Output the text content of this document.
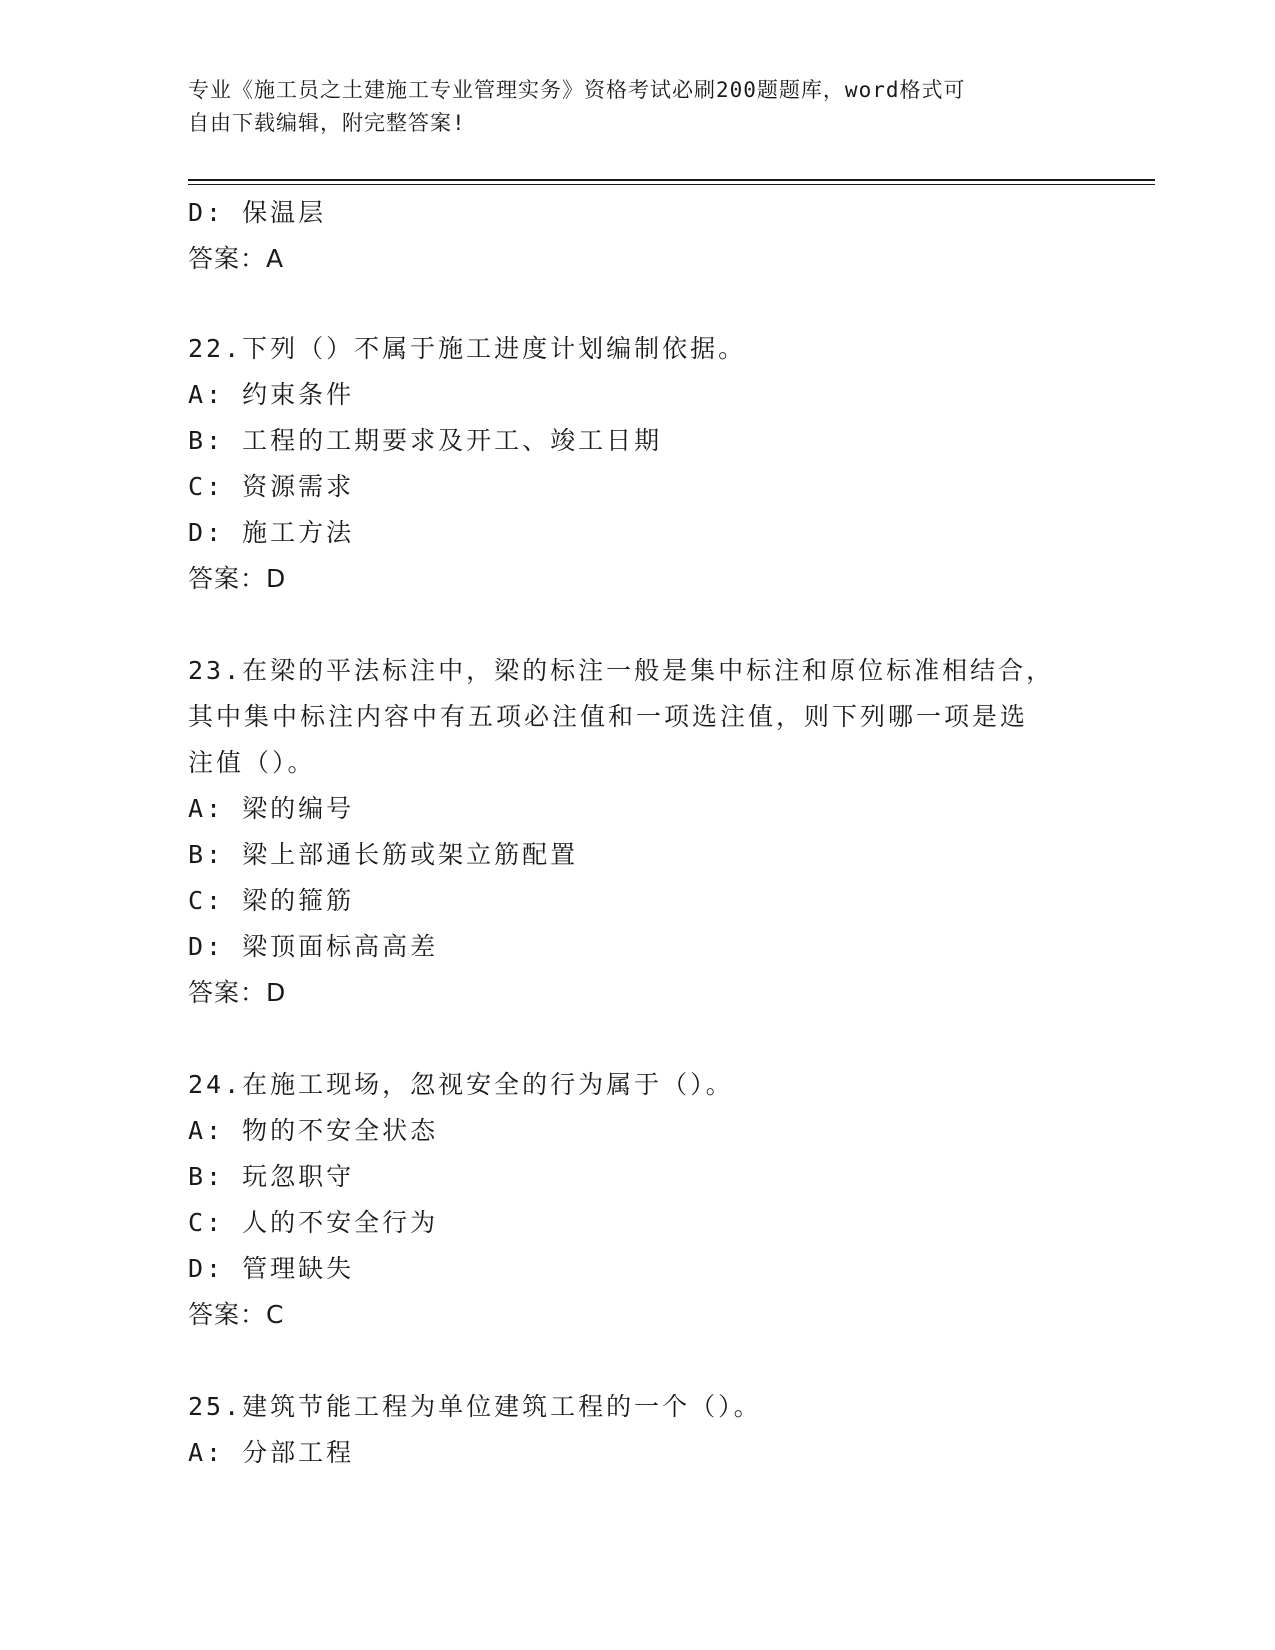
专业《施工员之土建施工专业管理实务》资格考试必刷200题题库，word格式可
自由下载编辑，附完整答案!
D: 保温层
答案：A
22.下列（）不属于施工进度计划编制依据。
A: 约束条件
B: 工程的工期要求及开工、竣工日期
C: 资源需求
D: 施工方法
答案：D
23.在梁的平法标注中，梁的标注一般是集中标注和原位标准相结合，
其中集中标注内容中有五项必注值和一项选注值，则下列哪一项是选
注值（）。
A: 梁的编号
B: 梁上部通长筋或架立筋配置
C: 梁的箍筋
D: 梁顶面标高高差
答案：D
24.在施工现场，忽视安全的行为属于（）。
A: 物的不安全状态
B: 玩忽职守
C: 人的不安全行为
D: 管理缺失
答案：C
25.建筑节能工程为单位建筑工程的一个（）。
A: 分部工程
